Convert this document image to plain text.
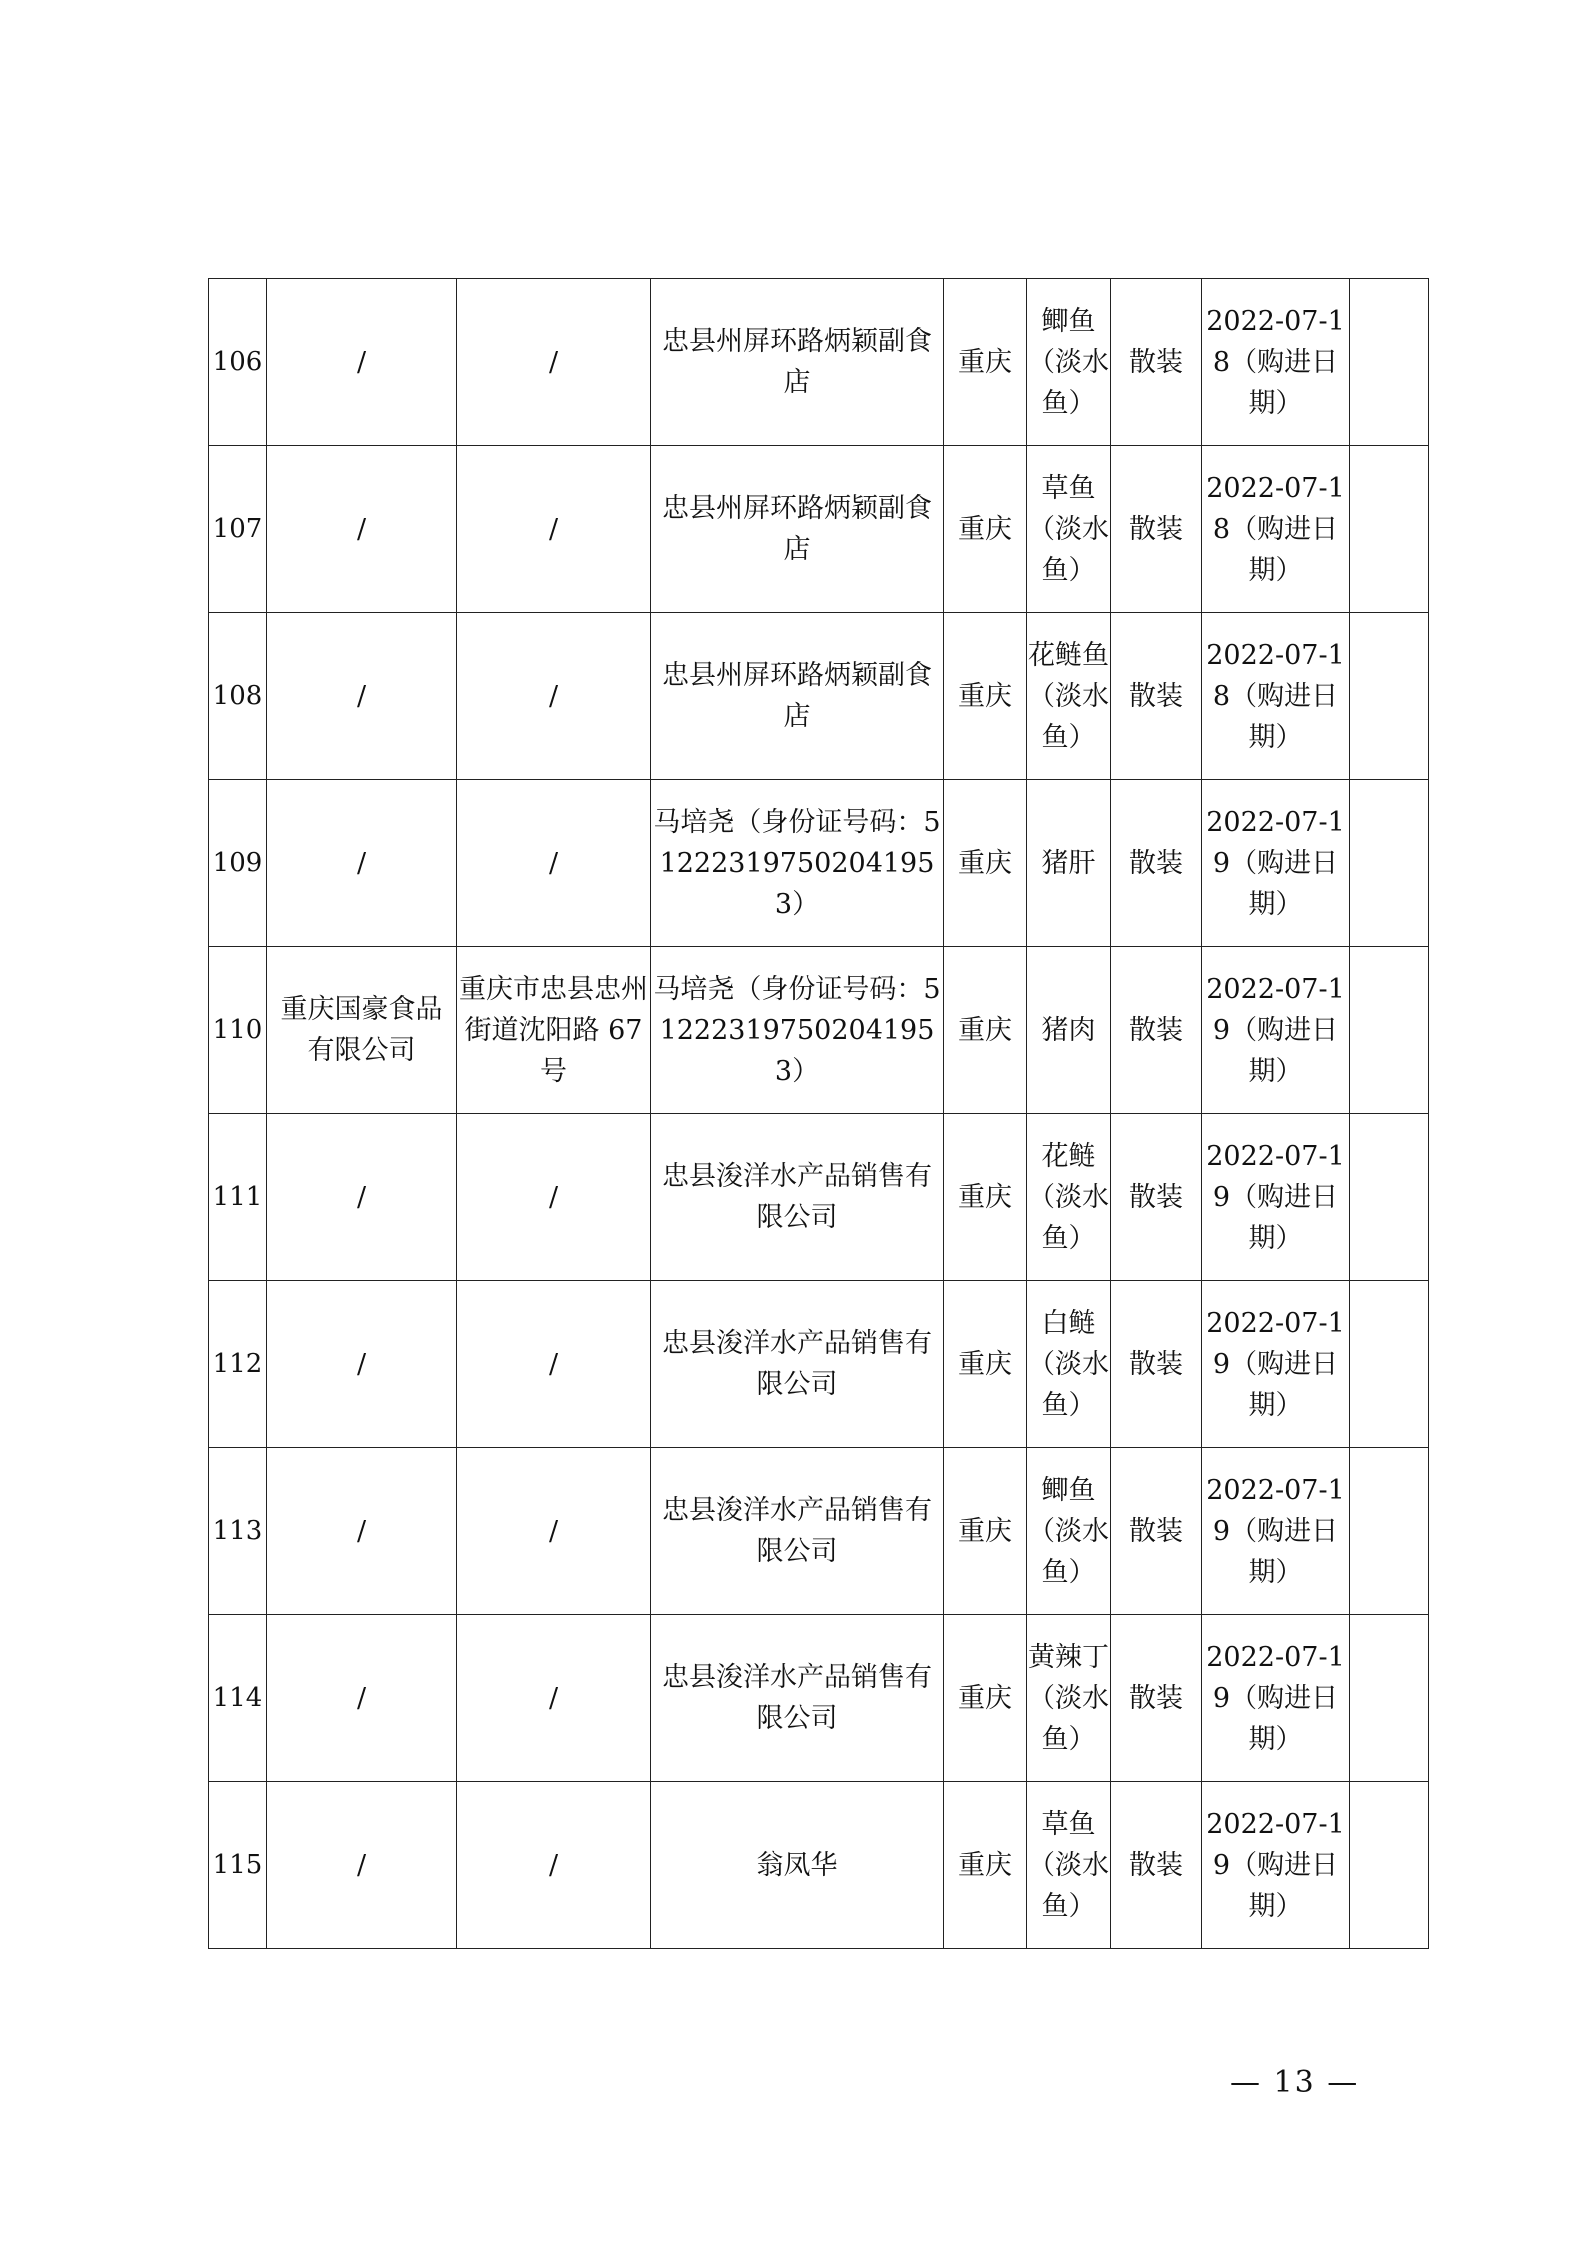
106	/	/	忠县州屏环路炳颖副食店	重庆	鲫鱼（淡水鱼）	散装	2022-07-18（购进日期）	
107	/	/	忠县州屏环路炳颖副食店	重庆	草鱼（淡水鱼）	散装	2022-07-18（购进日期）	
108	/	/	忠县州屏环路炳颖副食店	重庆	花鲢鱼（淡水鱼）	散装	2022-07-18（购进日期）	
109	/	/	马培尧（身份证号码：512223197502041953）	重庆	猪肝	散装	2022-07-19（购进日期）	
110	重庆国豪食品有限公司	重庆市忠县忠州街道沈阳路 67 号	马培尧（身份证号码：512223197502041953）	重庆	猪肉	散装	2022-07-19（购进日期）	
111	/	/	忠县浚洋水产品销售有限公司	重庆	花鲢（淡水鱼）	散装	2022-07-19（购进日期）	
112	/	/	忠县浚洋水产品销售有限公司	重庆	白鲢（淡水鱼）	散装	2022-07-19（购进日期）	
113	/	/	忠县浚洋水产品销售有限公司	重庆	鲫鱼（淡水鱼）	散装	2022-07-19（购进日期）	
114	/	/	忠县浚洋水产品销售有限公司	重庆	黄辣丁（淡水鱼）	散装	2022-07-19（购进日期）	
115	/	/	翁凤华	重庆	草鱼（淡水鱼）	散装	2022-07-19（购进日期）	
— 13 —
